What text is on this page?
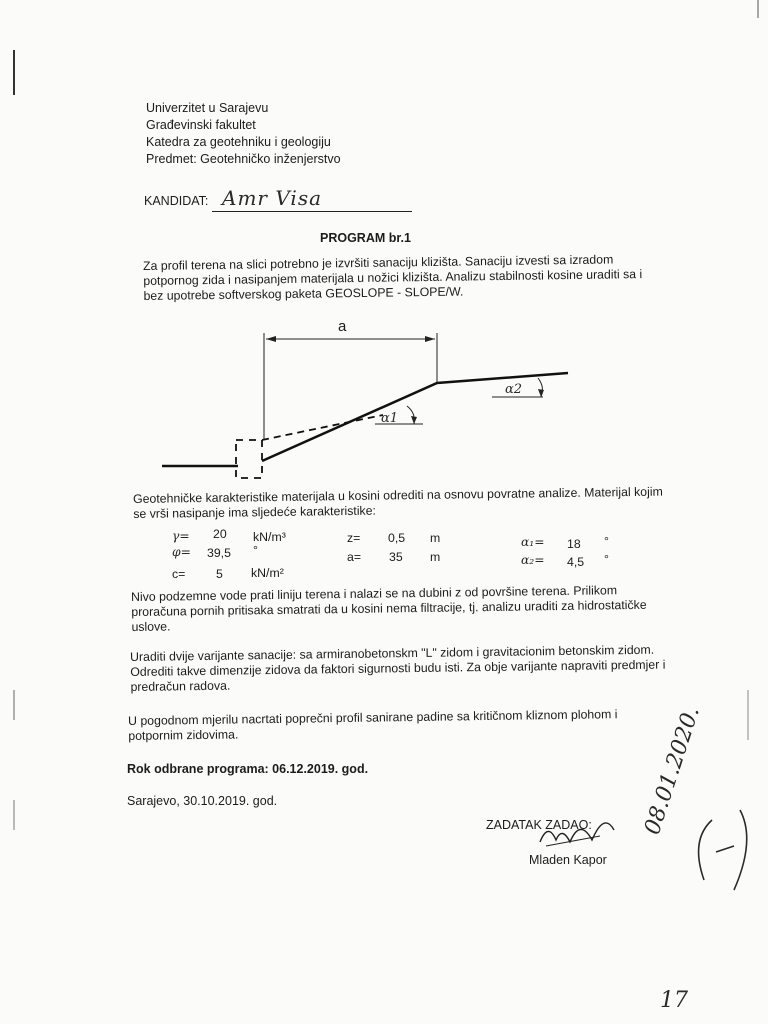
Univerzitet u Sarajevu
Građevinski fakultet
Katedra za geotehniku i geologiju
Predmet: Geotehničko inženjerstvo
KANDIDAT: Amr Visa
PROGRAM br.1
Za profil terena na slici potrebno je izvršiti sanaciju klizišta. Sanaciju izvesti sa izradom potpornog zida i nasipanjem materijala u nožici klizišta. Analizu stabilnosti kosine uraditi sa i bez upotrebe softverskog paketa GEOSLOPE - SLOPE/W.
a
α1
α2
Geotehničke karakteristike materijala u kosini odrediti na osnovu povratne analize. Materijal kojim se vrši nasipanje ima sljedeće karakteristike:
γ= 20 kN/m³
φ= 39,5 °
c= 5 kN/m²
z= 0,5 m
a= 35 m
α₁= 18 °
α₂= 4,5 °
Nivo podzemne vode prati liniju terena i nalazi se na dubini z od površine terena. Prilikom proračuna pornih pritisaka smatrati da u kosini nema filtracije, tj. analizu uraditi za hidrostatičke uslove.
Uraditi dvije varijante sanacije: sa armiranobetonskm "L" zidom i gravitacionim betonskim zidom. Odrediti takve dimenzije zidova da faktori sigurnosti budu isti. Za obje varijante napraviti predmjer i predračun radova.
U pogodnom mjerilu nacrtati poprečni profil sanirane padine sa kritičnom kliznom plohom i potpornim zidovima.
Rok odbrane programa: 06.12.2019. god.
Sarajevo, 30.10.2019. god.
ZADATAK ZADAO:
Mladen Kapor
08.01.2020.
17
